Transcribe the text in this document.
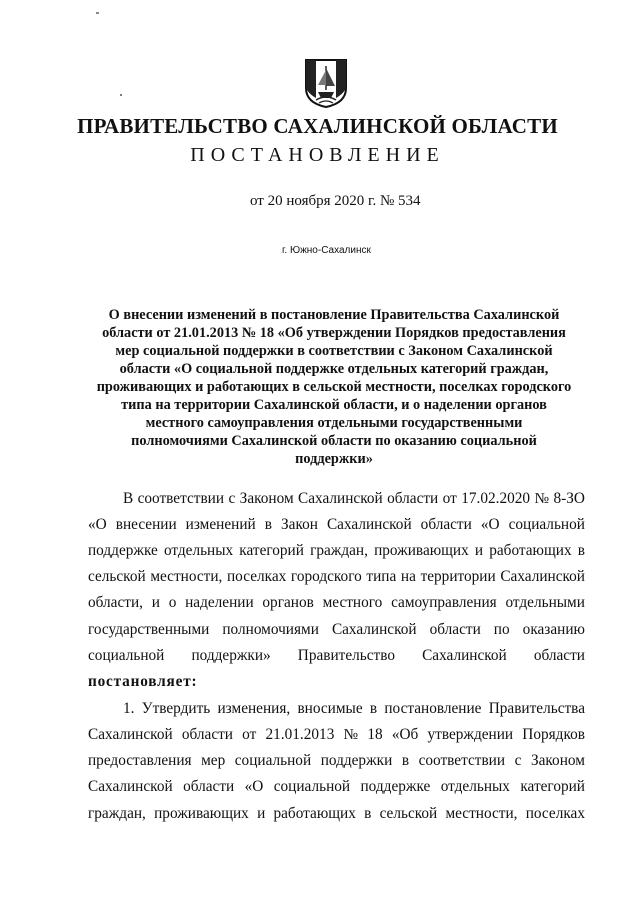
ПРАВИТЕЛЬСТВО САХАЛИНСКОЙ ОБЛАСТИ
ПОСТАНОВЛЕНИЕ
от 20 ноября 2020 г. № 534
г. Южно-Сахалинск
О внесении изменений в постановление Правительства Сахалинской
области от 21.01.2013 № 18 «Об утверждении Порядков предоставления
мер социальной поддержки в соответствии с Законом Сахалинской
области «О социальной поддержке отдельных категорий граждан,
проживающих и работающих в сельской местности, поселках городского
типа на территории Сахалинской области, и о наделении органов
местного самоуправления отдельными государственными
полномочиями Сахалинской области по оказанию социальной
поддержки»
В соответствии с Законом Сахалинской области от 17.02.2020 № 8-ЗО
«О внесении изменений в Закон Сахалинской области «О социальной
поддержке отдельных категорий граждан, проживающих и работающих в
сельской местности, поселках городского типа на территории Сахалинской
области, и о наделении органов местного самоуправления отдельными
государственными полномочиями Сахалинской области по оказанию
социальной поддержки» Правительство Сахалинской области
постановляет:
1. Утвердить изменения, вносимые в постановление Правительства
Сахалинской области от 21.01.2013 № 18 «Об утверждении Порядков
предоставления мер социальной поддержки в соответствии с Законом
Сахалинской области «О социальной поддержке отдельных категорий
граждан, проживающих и работающих в сельской местности, поселках
